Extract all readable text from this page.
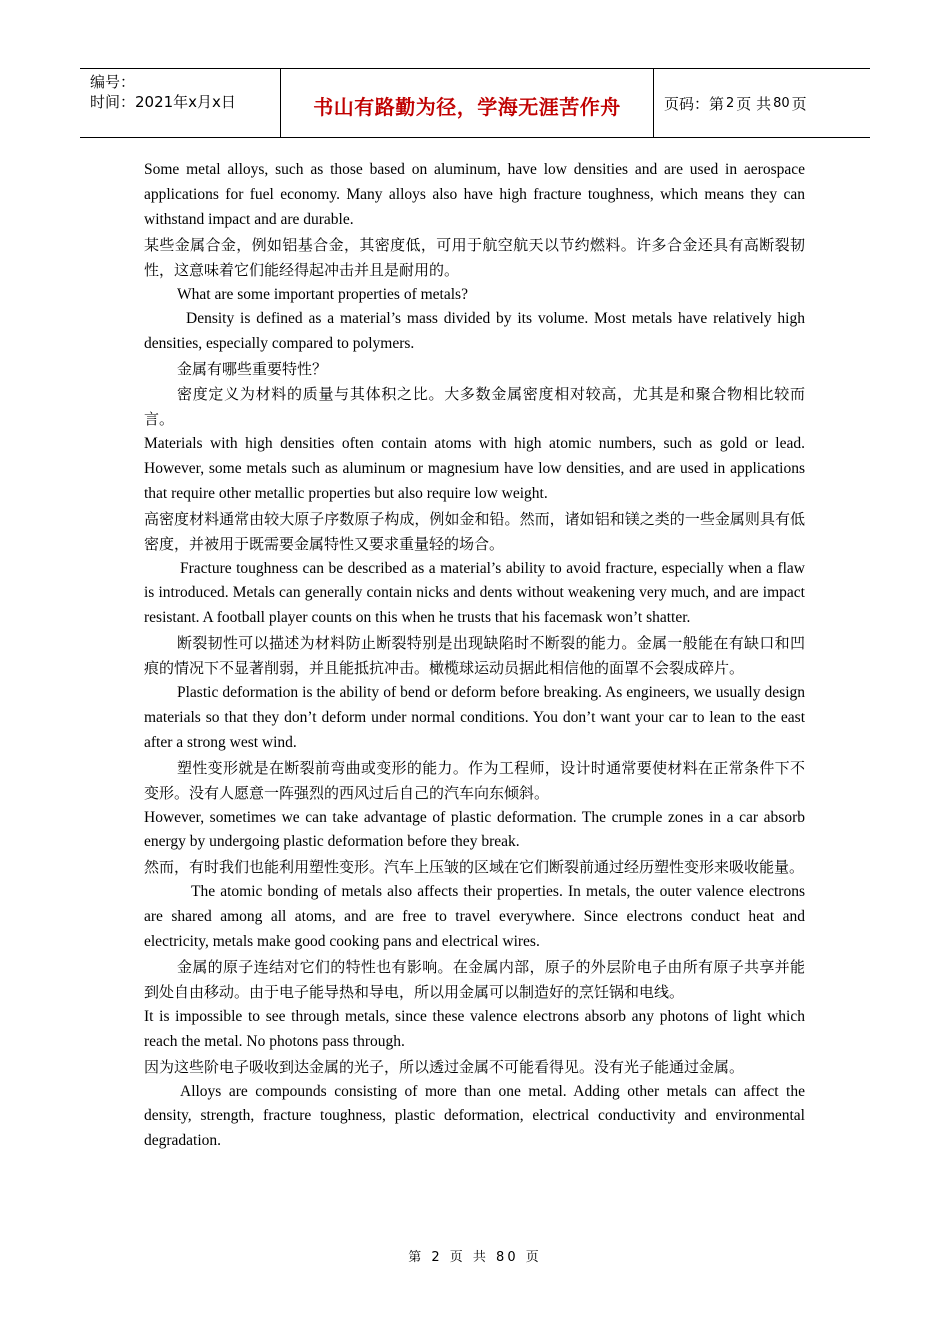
编号：
时间：2021年x月x日	书山有路勤为径，学海无涯苦作舟	页码：第 2 页 共 80 页

Some metal alloys, such as those based on aluminum, have low densities and are used in aerospace applications for fuel economy. Many alloys also have high fracture toughness, which means they can withstand impact and are durable.

某些金属合金，例如铝基合金，其密度低，可用于航空航天以节约燃料。许多合金还具有高断裂韧性，这意味着它们能经得起冲击并且是耐用的。

What are some important properties of metals?

Density is defined as a material’s mass divided by its volume. Most metals have relatively high densities, especially compared to polymers.

金属有哪些重要特性？

密度定义为材料的质量与其体积之比。大多数金属密度相对较高，尤其是和聚合物相比较而言。

Materials with high densities often contain atoms with high atomic numbers, such as gold or lead. However, some metals such as aluminum or magnesium have low densities, and are used in applications that require other metallic properties but also require low weight.

高密度材料通常由较大原子序数原子构成，例如金和铅。然而，诸如铝和镁之类的一些金属则具有低密度，并被用于既需要金属特性又要求重量轻的场合。

Fracture toughness can be described as a material’s ability to avoid fracture, especially when a flaw is introduced. Metals can generally contain nicks and dents without weakening very much, and are impact resistant. A football player counts on this when he trusts that his facemask won’t shatter.

断裂韧性可以描述为材料防止断裂特别是出现缺陷时不断裂的能力。金属一般能在有缺口和凹痕的情况下不显著削弱，并且能抵抗冲击。橄榄球运动员据此相信他的面罩不会裂成碎片。

Plastic deformation is the ability of bend or deform before breaking. As engineers, we usually design materials so that they don’t deform under normal conditions. You don’t want your car to lean to the east after a strong west wind.

塑性变形就是在断裂前弯曲或变形的能力。作为工程师，设计时通常要使材料在正常条件下不变形。没有人愿意一阵强烈的西风过后自己的汽车向东倾斜。

However, sometimes we can take advantage of plastic deformation. The crumple zones in a car absorb energy by undergoing plastic deformation before they break.

然而，有时我们也能利用塑性变形。汽车上压皱的区域在它们断裂前通过经历塑性变形来吸收能量。

The atomic bonding of metals also affects their properties. In metals, the outer valence electrons are shared among all atoms, and are free to travel everywhere. Since electrons conduct heat and electricity, metals make good cooking pans and electrical wires.

金属的原子连结对它们的特性也有影响。在金属内部，原子的外层阶电子由所有原子共享并能到处自由移动。由于电子能导热和导电，所以用金属可以制造好的烹饪锅和电线。

It is impossible to see through metals, since these valence electrons absorb any photons of light which reach the metal. No photons pass through.

因为这些阶电子吸收到达金属的光子，所以透过金属不可能看得见。没有光子能通过金属。

Alloys are compounds consisting of more than one metal. Adding other metals can affect the density, strength, fracture toughness, plastic deformation, electrical conductivity and environmental degradation.

第 2 页 共 80 页
